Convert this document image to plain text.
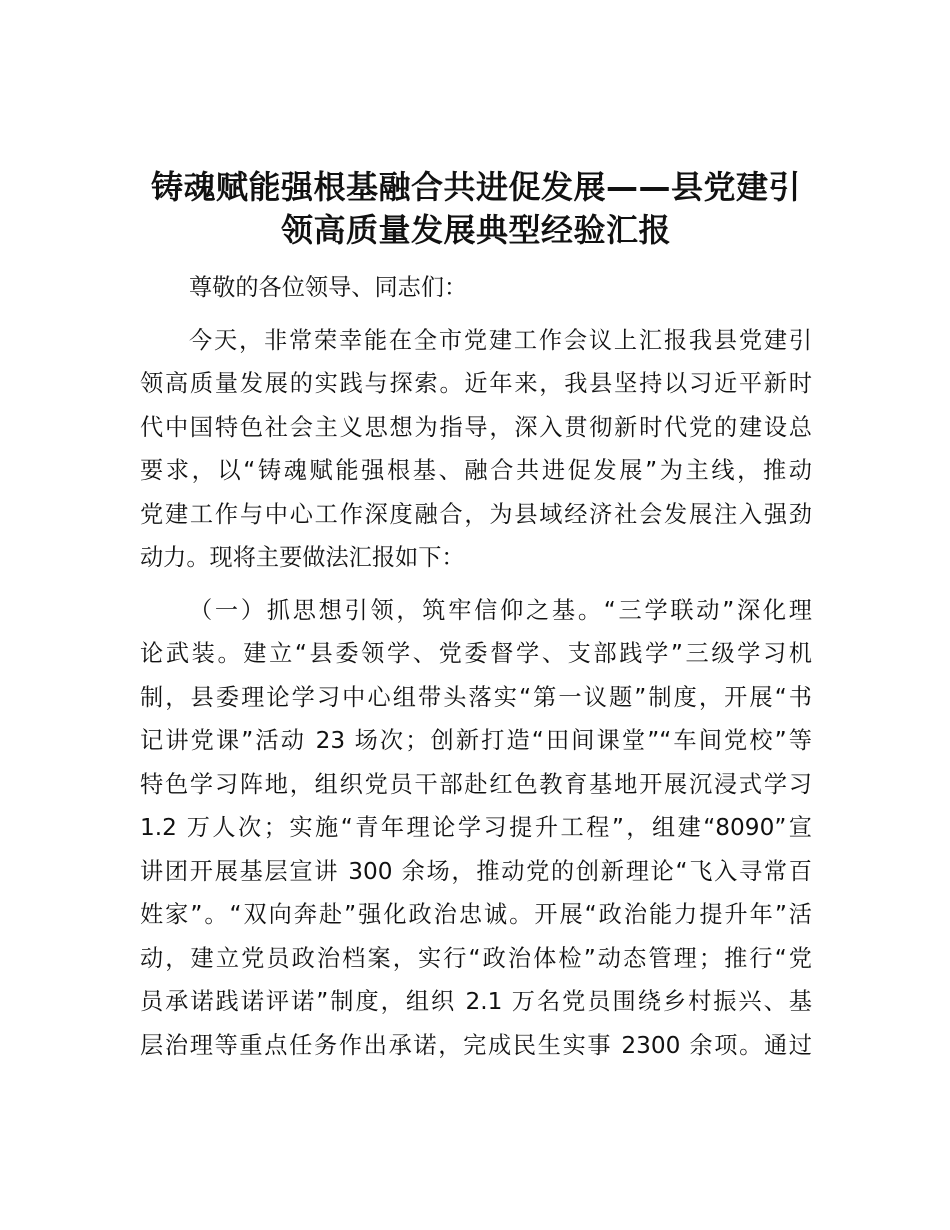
铸魂赋能强根基融合共进促发展——县党建引
领高质量发展典型经验汇报
尊敬的各位领导、同志们：
今天，非常荣幸能在全市党建工作会议上汇报我县党建引
领高质量发展的实践与探索。近年来，我县坚持以习近平新时
代中国特色社会主义思想为指导，深入贯彻新时代党的建设总
要求，以“铸魂赋能强根基、融合共进促发展”为主线，推动
党建工作与中心工作深度融合，为县域经济社会发展注入强劲
动力。现将主要做法汇报如下：
（一）抓思想引领，筑牢信仰之基。“三学联动”深化理
论武装。建立“县委领学、党委督学、支部践学”三级学习机
制，县委理论学习中心组带头落实“第一议题”制度，开展“书
记讲党课”活动 23 场次；创新打造“田间课堂”“车间党校”等
特色学习阵地，组织党员干部赴红色教育基地开展沉浸式学习
1.2 万人次；实施“青年理论学习提升工程”，组建“8090”宣
讲团开展基层宣讲 300 余场，推动党的创新理论“飞入寻常百
姓家”。“双向奔赴”强化政治忠诚。开展“政治能力提升年”活
动，建立党员政治档案，实行“政治体检”动态管理；推行“党
员承诺践诺评诺”制度，组织 2.1 万名党员围绕乡村振兴、基
层治理等重点任务作出承诺，完成民生实事 2300 余项。通过
